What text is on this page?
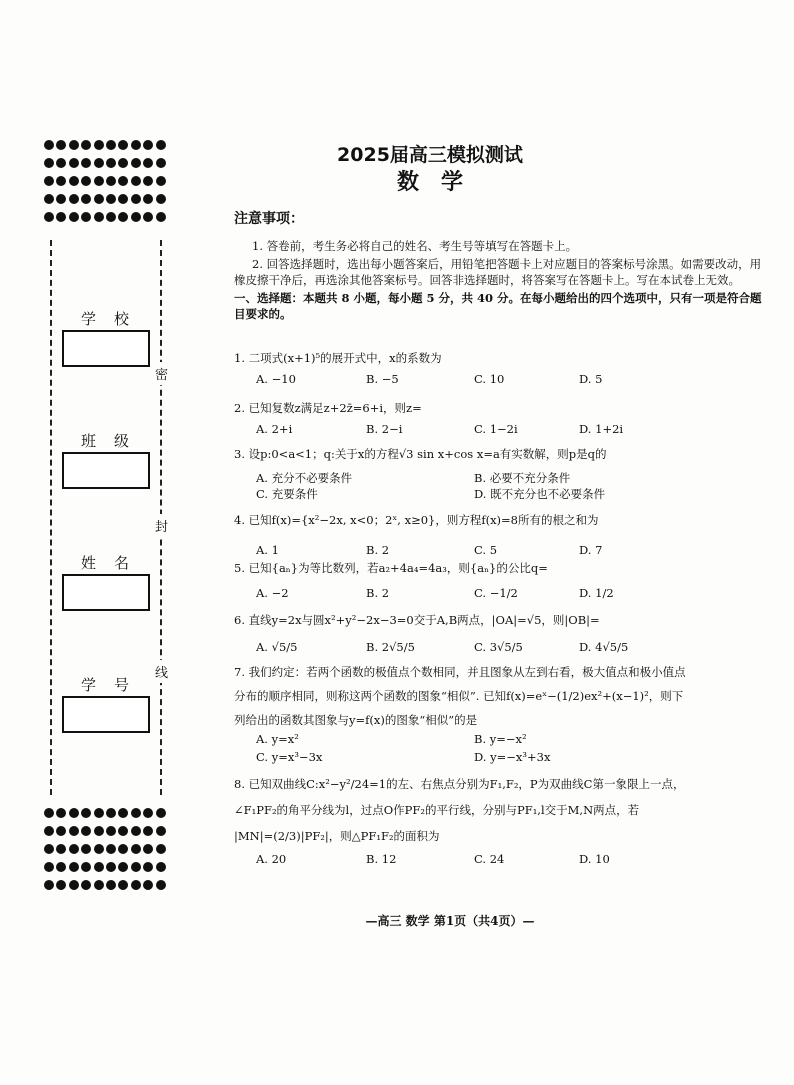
密
封
线
学校
班级
姓名
学号
2025届高三模拟测试
数学
注意事项：

1. 答卷前，考生务必将自己的姓名、考生号等填写在答题卡上。

2. 回答选择题时，选出每小题答案后，用铅笔把答题卡上对应题目的答案标号涂黑。如需要改动，用橡皮擦干净后，再选涂其他答案标号。回答非选择题时，将答案写在答题卡上。写在本试卷上无效。

一、选择题：本题共 8 小题，每小题 5 分，共 40 分。在每小题给出的四个选项中，只有一项是符合题目要求的。
1. 二项式(x+1)⁵的展开式中，x的系数为
A. −10	B. −5	C. 10	D. 5
2. 已知复数z满足z+2z̄=6+i，则z=
A. 2+i	B. 2−i	C. 1−2i	D. 1+2i
3. 设p:0<a<1；q:关于x的方程√3 sin x+cos x=a有实数解，则p是q的
A. 充分不必要条件	B. 必要不充分条件
C. 充要条件	D. 既不充分也不必要条件
4. 已知f(x)={x²−2x, x<0；2ˣ, x≥0}，则方程f(x)=8所有的根之和为
A. 1	B. 2	C. 5	D. 7
5. 已知{aₙ}为等比数列，若a₂+4a₄=4a₃，则{aₙ}的公比q=
A. −2	B. 2	C. −1/2	D. 1/2
6. 直线y=2x与圆x²+y²−2x−3=0交于A,B两点，|OA|=√5，则|OB|=
A. √5/5	B. 2√5/5	C. 3√5/5	D. 4√5/5
7. 我们约定：若两个函数的极值点个数相同，并且图象从左到右看，极大值点和极小值点
分布的顺序相同，则称这两个函数的图象“相似”. 已知f(x)=eˣ−(1/2)ex²+(x−1)²，则下
列给出的函数其图象与y=f(x)的图象“相似”的是
A. y=x²	B. y=−x²
C. y=x³−3x	D. y=−x³+3x
8. 已知双曲线C:x²−y²/24=1的左、右焦点分别为F₁,F₂，P为双曲线C第一象限上一点，
∠F₁PF₂的角平分线为l，过点O作PF₂的平行线，分别与PF₁,l交于M,N两点，若
|MN|=(2/3)|PF₂|，则△PF₁F₂的面积为
A. 20	B. 12	C. 24	D. 10
—高三 数学 第1页（共4页）—
